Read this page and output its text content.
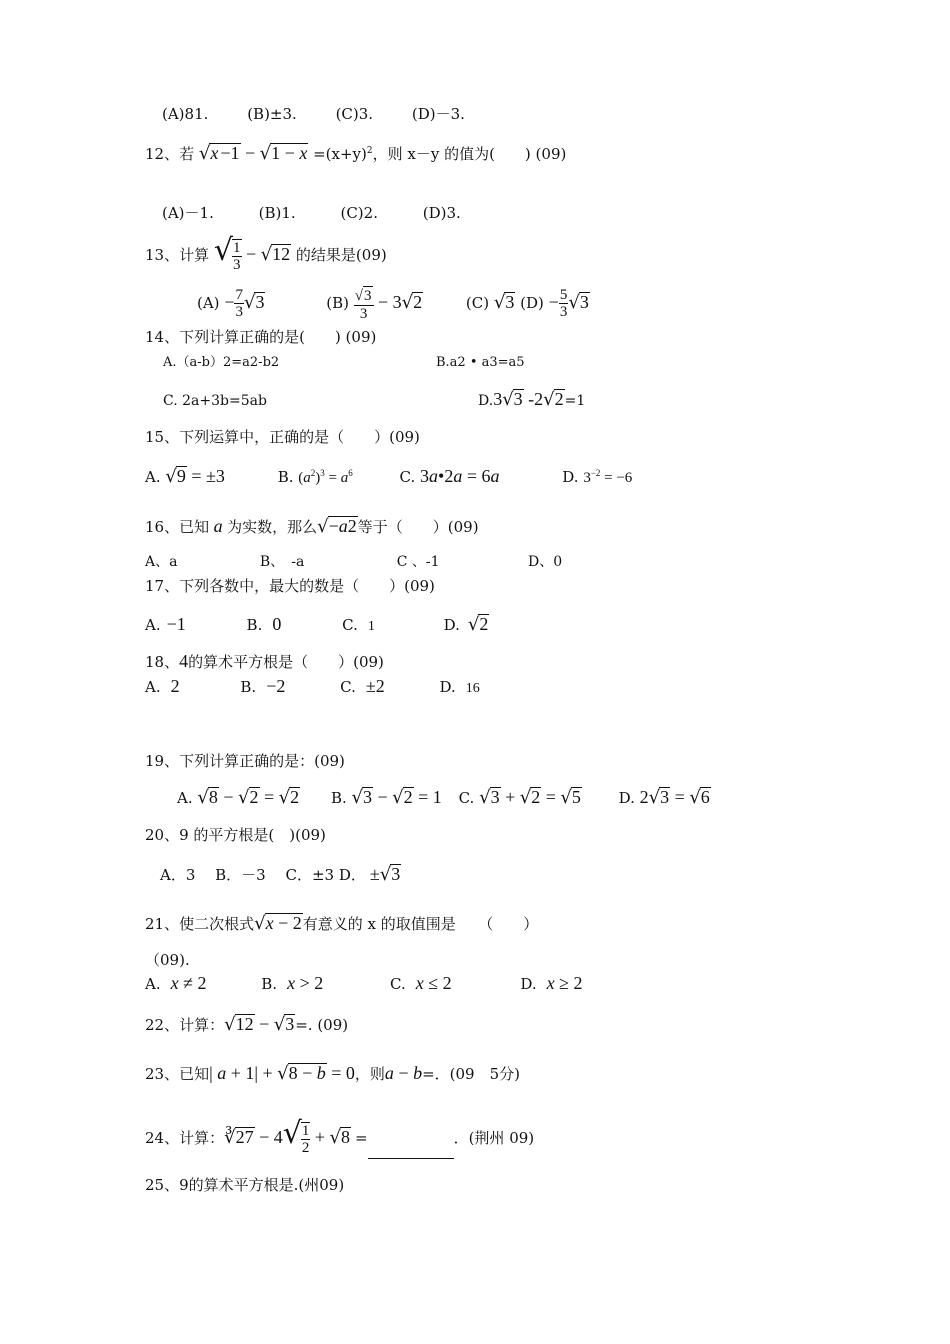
(A)81.	(B)±3.	(C)3.	(D)－3.
12、若 $√x -1 - √1 - x =(x+y)^2$，则 x－y 的值为(　　) (09)
(A)－1.	(B)1.	(C)2.	(D)3.
13、计算 √ $\frac{1}{3} - √12$ 的结果是(09)
$(A) - \frac{7}{3} √3$	$(B) \frac{√3}{3} - 3√2$	(C) √3 $(D) - \frac{5}{3} √3$
14、下列计算正确的是(　　) (09)
A.（a-b）2=a2-b2	B.a2 • a3=a5
C. 2a+3b=5ab	D.3√3 -2√2=1
15、下列运算中，正确的是（　　）(09)
A. √9 = ±3	B. $(a^2)^3 = a^6$	C. 3a•2a = 6a	D. $3^{-2} = -6$
16、已知 a 为实数，那么√−a2等于（　　）(09)
A、a	B、　-a	C 、-1	D、0
17、下列各数中，最大的数是（　　）(09)
A. −1	B. 0	C. 1	D. √2
18、4的算术平方根是（　　）(09)
A. 2	B. −2	C. ±2	D. 16
19、下列计算正确的是：(09)
A. √8 − √2 = √2 B. √3 − √2 = 1 C. √3 + √2 = √5	D. 2√3 = √6
20、9 的平方根是(　)(09)
A．3　 B．－3　 C．±3 D． ±√3
21、使二次根式√x − 2有意义的 x 的取值围是　　（　　）
（09).
A. x ≠ 2	B. x > 2	C. x ≤ 2	D. x ≥ 2
22、计算：√12 − √3=. (09)
23、已知| a + 1| + √8 − b = 0，则a − b=．(09　5分)
24、计算：∛27 − $4√ \frac{1}{2} + √8$ =	．(荆州 09)
25、9的算术平方根是.(州09)
